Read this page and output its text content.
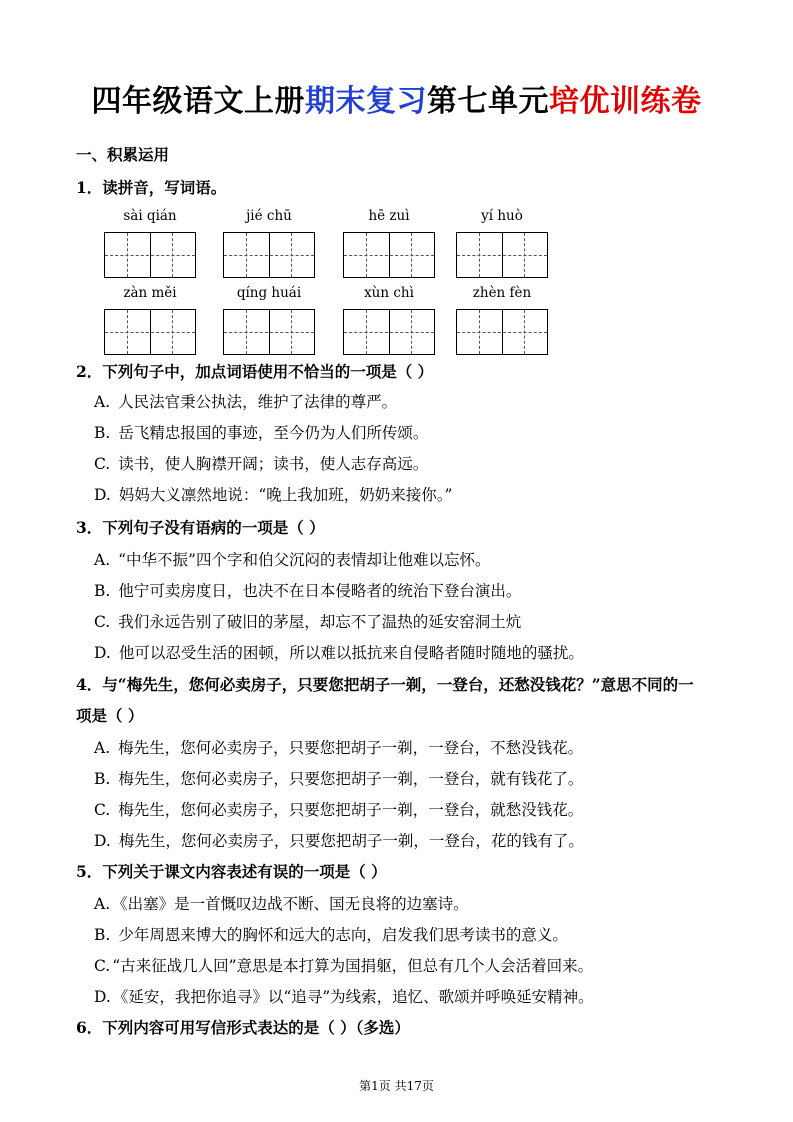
四年级语文上册期末复习第七单元培优训练卷
一、积累运用
1．读拼音，写词语。
sài qián	jié chū	hē zuì	yí huò
zàn měi	qíng huái	xùn chì	zhèn fèn
2．下列句子中，加点词语使用不恰当的一项是（ ）
A. 人民法官秉公执法，维护了法律的尊严。
B. 岳飞精忠报国的事迹，至今仍为人们所传颂。
C. 读书，使人胸襟开阔；读书，使人志存高远。
D. 妈妈大义凛然地说：“晚上我加班，奶奶来接你。”
3．下列句子没有语病的一项是（ ）
A. “中华不振”四个字和伯父沉闷的表情却让他难以忘怀。
B. 他宁可卖房度日，也决不在日本侵略者的统治下登台演出。
C. 我们永远告别了破旧的茅屋，却忘不了温热的延安窑洞土炕
D. 他可以忍受生活的困顿，所以难以抵抗来自侵略者随时随地的骚扰。
4．与“梅先生，您何必卖房子，只要您把胡子一剃，一登台，还愁没钱花？”意思不同的一
项是（ ）
A. 梅先生，您何必卖房子，只要您把胡子一剃，一登台，不愁没钱花。
B. 梅先生，您何必卖房子，只要您把胡子一剃，一登台，就有钱花了。
C. 梅先生，您何必卖房子，只要您把胡子一剃，一登台，就愁没钱花。
D. 梅先生，您何必卖房子，只要您把胡子一剃，一登台，花的钱有了。
5．下列关于课文内容表述有误的一项是（ ）
A. 《出塞》是一首慨叹边战不断、国无良将的边塞诗。
B. 少年周恩来博大的胸怀和远大的志向，启发我们思考读书的意义。
C. “古来征战几人回”意思是本打算为国捐躯，但总有几个人会活着回来。
D. 《延安，我把你追寻》以“追寻”为线索，追忆、歌颂并呼唤延安精神。
6．下列内容可用写信形式表达的是（ ）（多选）
第1页 共17页
